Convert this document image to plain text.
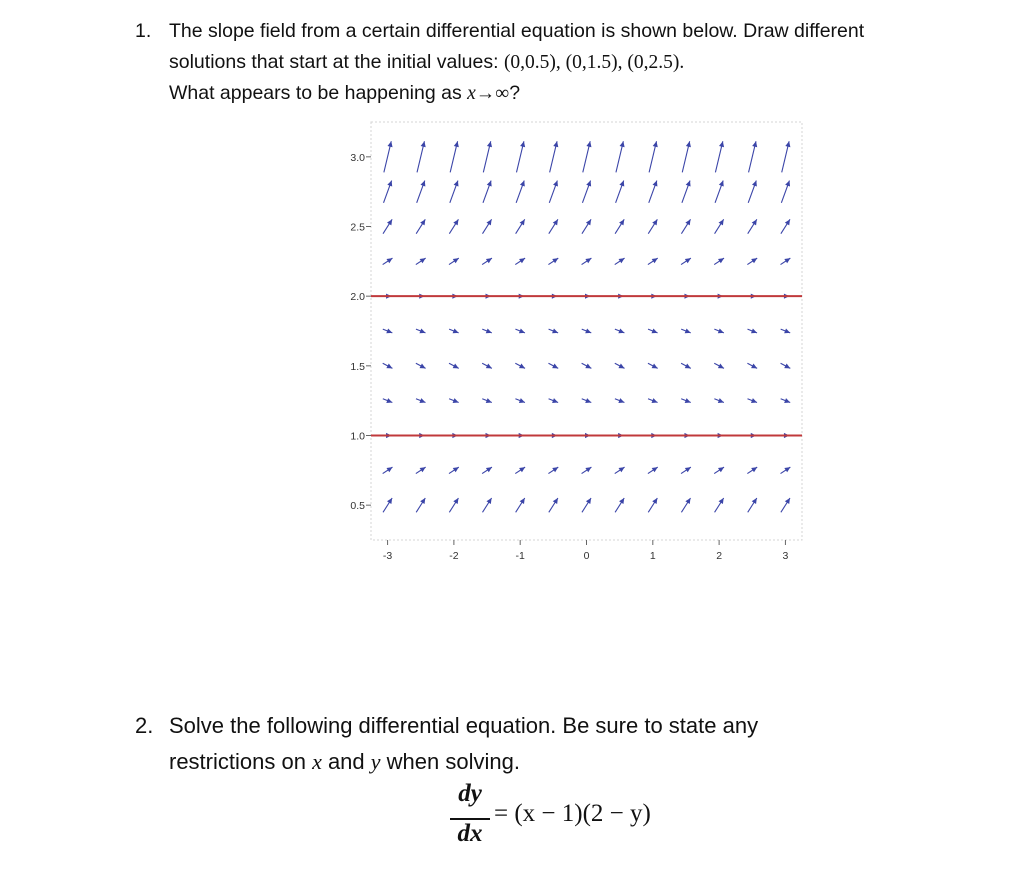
1. The slope field from a certain differential equation is shown below. Draw different
solutions that start at the initial values: (0,0.5), (0,1.5), (0,2.5).
What appears to be happening as x→∞?
0.5
1.0
1.5
2.0
2.5
3.0
-3	-2	-1	0	1	2	3
2. Solve the following differential equation. Be sure to state any
restrictions on x and y when solving.
dy
dx
= (x − 1)(2 − y)
